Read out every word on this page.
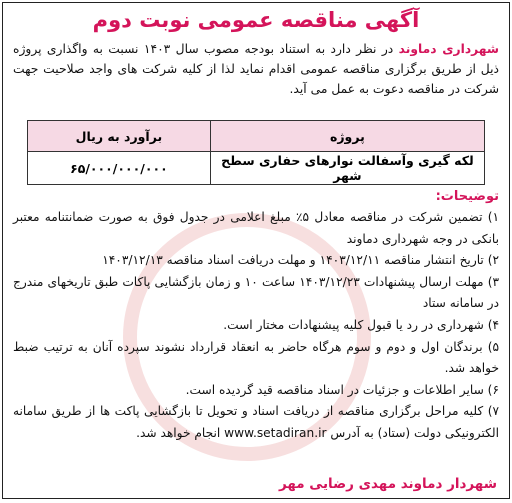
آگهی مناقصه عمومی نوبت دوم
شهرداری دماوند در نظر دارد به استناد بودجه مصوب سال ۱۴۰۳ نسبت به واگذاری پروژه ذیل از طریق برگزاری مناقصه عمومی اقدام نماید لذا از کلیه شرکت های واجد صلاحیت جهت شرکت در مناقصه دعوت به عمل می آید.
پروژه	برآورد به ریال
لکه گیری وآسفالت نوارهای حفاری سطح شهر	۶۵/۰۰۰/۰۰۰/۰۰۰
توضیحات:
۱) تضمین شرکت در مناقصه معادل ۵٪ مبلغ اعلامی در جدول فوق به صورت ضمانتنامه معتبر بانکی در وجه شهرداری دماوند
۲) تاریخ انتشار مناقصه ۱۴۰۳/۱۲/۱۱ و مهلت دریافت اسناد مناقصه ۱۴۰۳/۱۲/۱۳
۳) مهلت ارسال پیشنهادات ۱۴۰۳/۱۲/۲۳ ساعت ۱۰ و زمان بازگشایی پاکات طبق تاریخهای مندرج در سامانه ستاد
۴) شهرداری در رد یا قبول کلیه پیشنهادات مختار است.
۵) برندگان اول و دوم و سوم هرگاه حاضر به انعقاد قرارداد نشوند سپرده آنان به ترتیب ضبط خواهد شد.
۶) سایر اطلاعات و جزئیات در اسناد مناقصه قید گردیده است.
۷) کلیه مراحل برگزاری مناقصه از دریافت اسناد و تحویل تا بازگشایی پاکت ها از طریق سامانه الکترونیکی دولت (ستاد) به آدرس www.setadiran.ir انجام خواهد شد.
شهردار دماوند مهدی رضایی مهر
